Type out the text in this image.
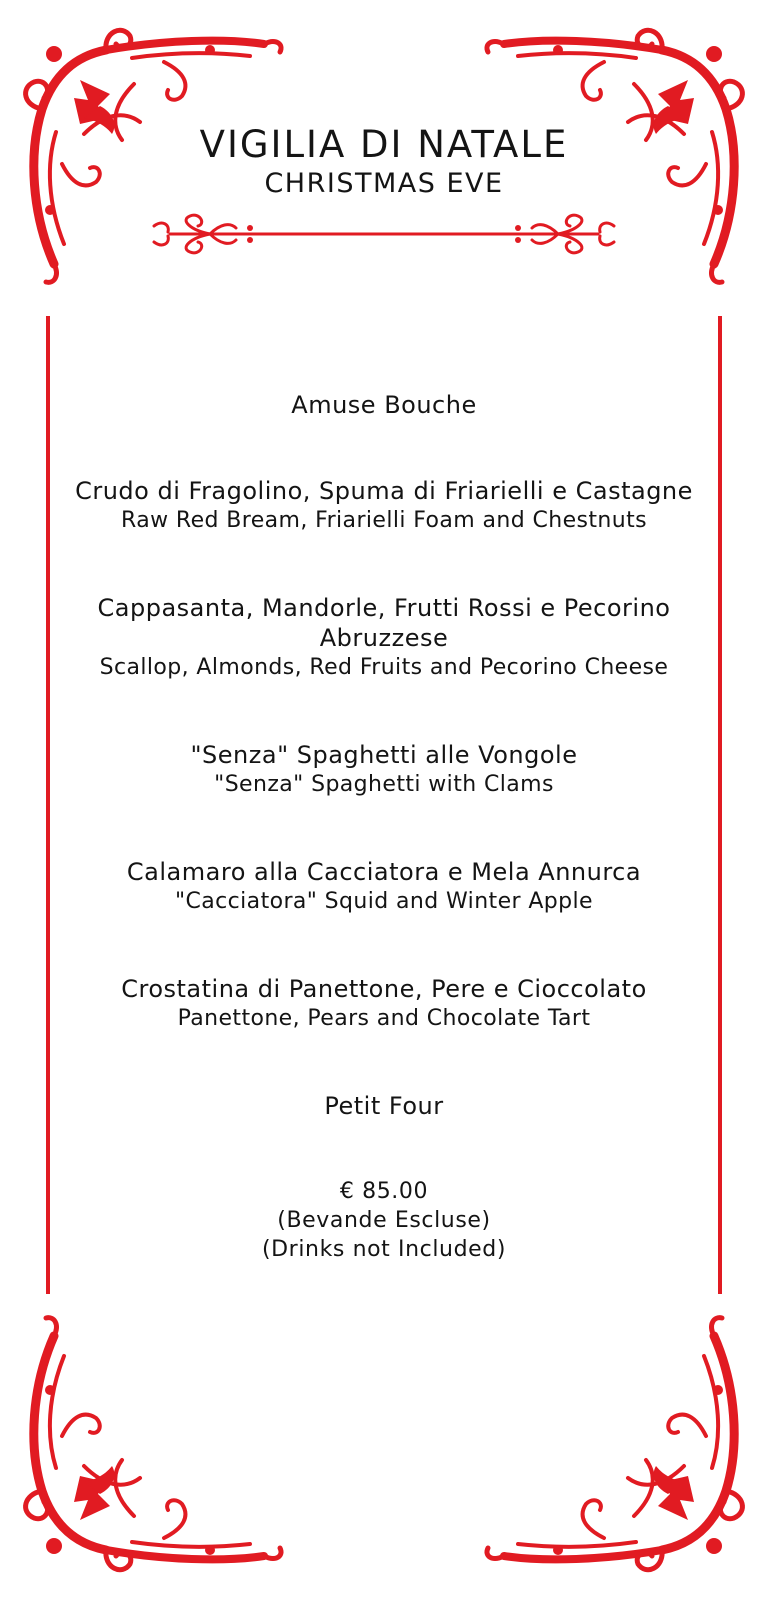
VIGILIA DI NATALE
CHRISTMAS EVE
Amuse Bouche
Crudo di Fragolino, Spuma di Friarielli e Castagne
Raw Red Bream, Friarielli Foam and Chestnuts
Cappasanta, Mandorle, Frutti Rossi e Pecorino Abruzzese
Scallop, Almonds, Red Fruits and Pecorino Cheese
"Senza" Spaghetti alle Vongole
"Senza" Spaghetti with Clams
Calamaro alla Cacciatora e Mela Annurca
"Cacciatora" Squid and Winter Apple
Crostatina di Panettone, Pere e Cioccolato
Panettone, Pears and Chocolate Tart
Petit Four
€ 85.00
(Bevande Escluse)
(Drinks not Included)
